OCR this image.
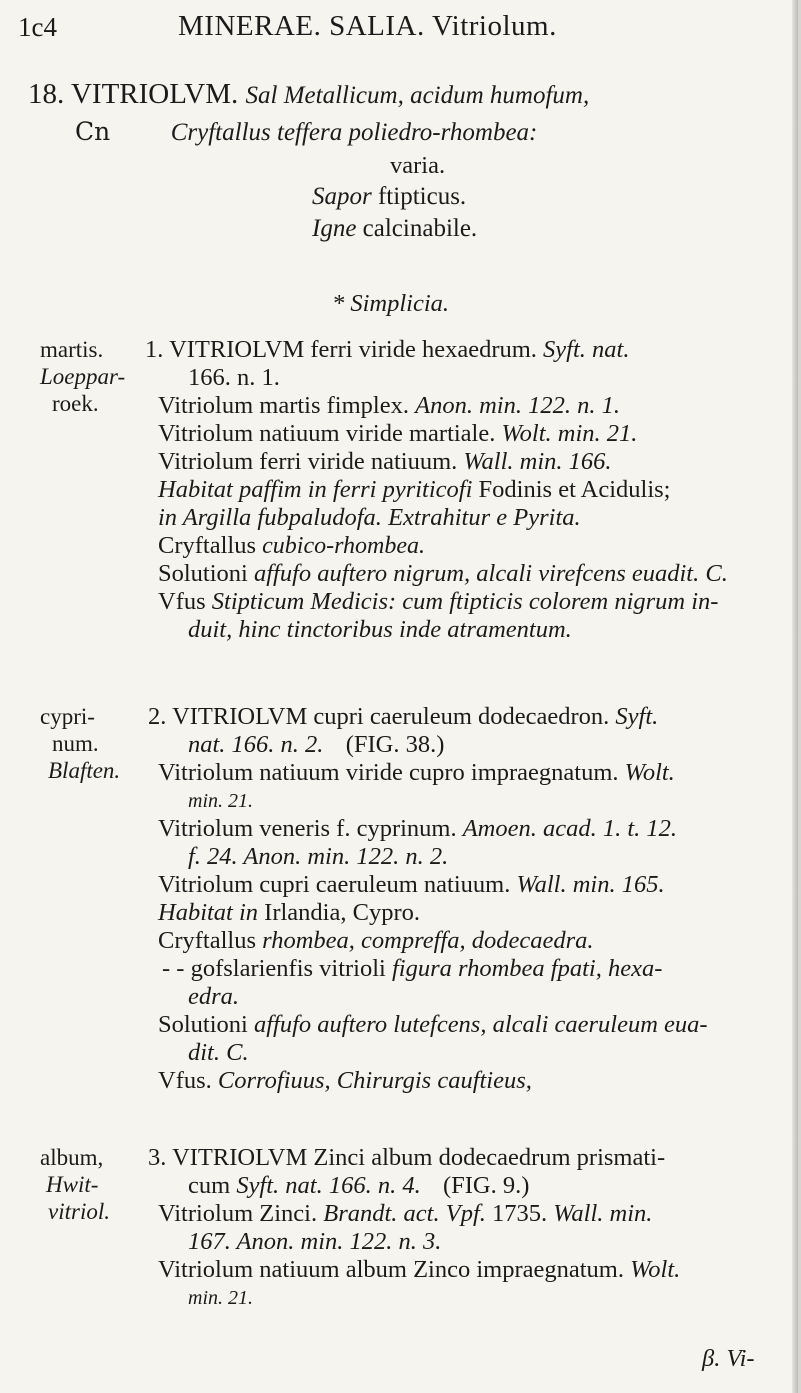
1c4	MINERAE. SALIA. Vitriolum.
18. VITRIOLVM. Sal Metallicum, acidum humofum,
Cn Cryftallus teffera poliedro-rhombea:
varia.
Sapor ftipticus.
Igne calcinabile.
* Simplicia.
martis.
Loeppar-
roek.
cypri-
num.
Blaften.
album,
Hwit-
vitriol.
1. VITRIOLVM ferri viride hexaedrum. Syft. nat.
166. n. 1.
Vitriolum martis fimplex. Anon. min. 122. n. 1.
Vitriolum natiuum viride martiale. Wolt. min. 21.
Vitriolum ferri viride natiuum. Wall. min. 166.
Habitat paffim in ferri pyriticofi Fodinis et Acidulis;
in Argilla fubpaludofa. Extrahitur e Pyrita.
Cryftallus cubico-rhombea.
Solutioni affufo auftero nigrum, alcali virefcens euadit. C.
Vfus Stipticum Medicis: cum ftipticis colorem nigrum in-
duit, hinc tinctoribus inde atramentum.
2. VITRIOLVM cupri caeruleum dodecaedron. Syft.
nat. 166. n. 2. (FIG. 38.)
Vitriolum natiuum viride cupro impraegnatum. Wolt.
min. 21.
Vitriolum veneris f. cyprinum. Amoen. acad. 1. t. 12.
f. 24. Anon. min. 122. n. 2.
Vitriolum cupri caeruleum natiuum. Wall. min. 165.
Habitat in Irlandia, Cypro.
Cryftallus rhombea, compreffa, dodecaedra.
- - gofslarienfis vitrioli figura rhombea fpati, hexa-
edra.
Solutioni affufo auftero lutefcens, alcali caeruleum eua-
dit. C.
Vfus. Corrofiuus, Chirurgis cauftieus,
3. VITRIOLVM Zinci album dodecaedrum prismati-
cum Syft. nat. 166. n. 4. (FIG. 9.)
Vitriolum Zinci. Brandt. act. Vpf. 1735. Wall. min.
167. Anon. min. 122. n. 3.
Vitriolum natiuum album Zinco impraegnatum. Wolt.
min. 21.
β. Vi-
